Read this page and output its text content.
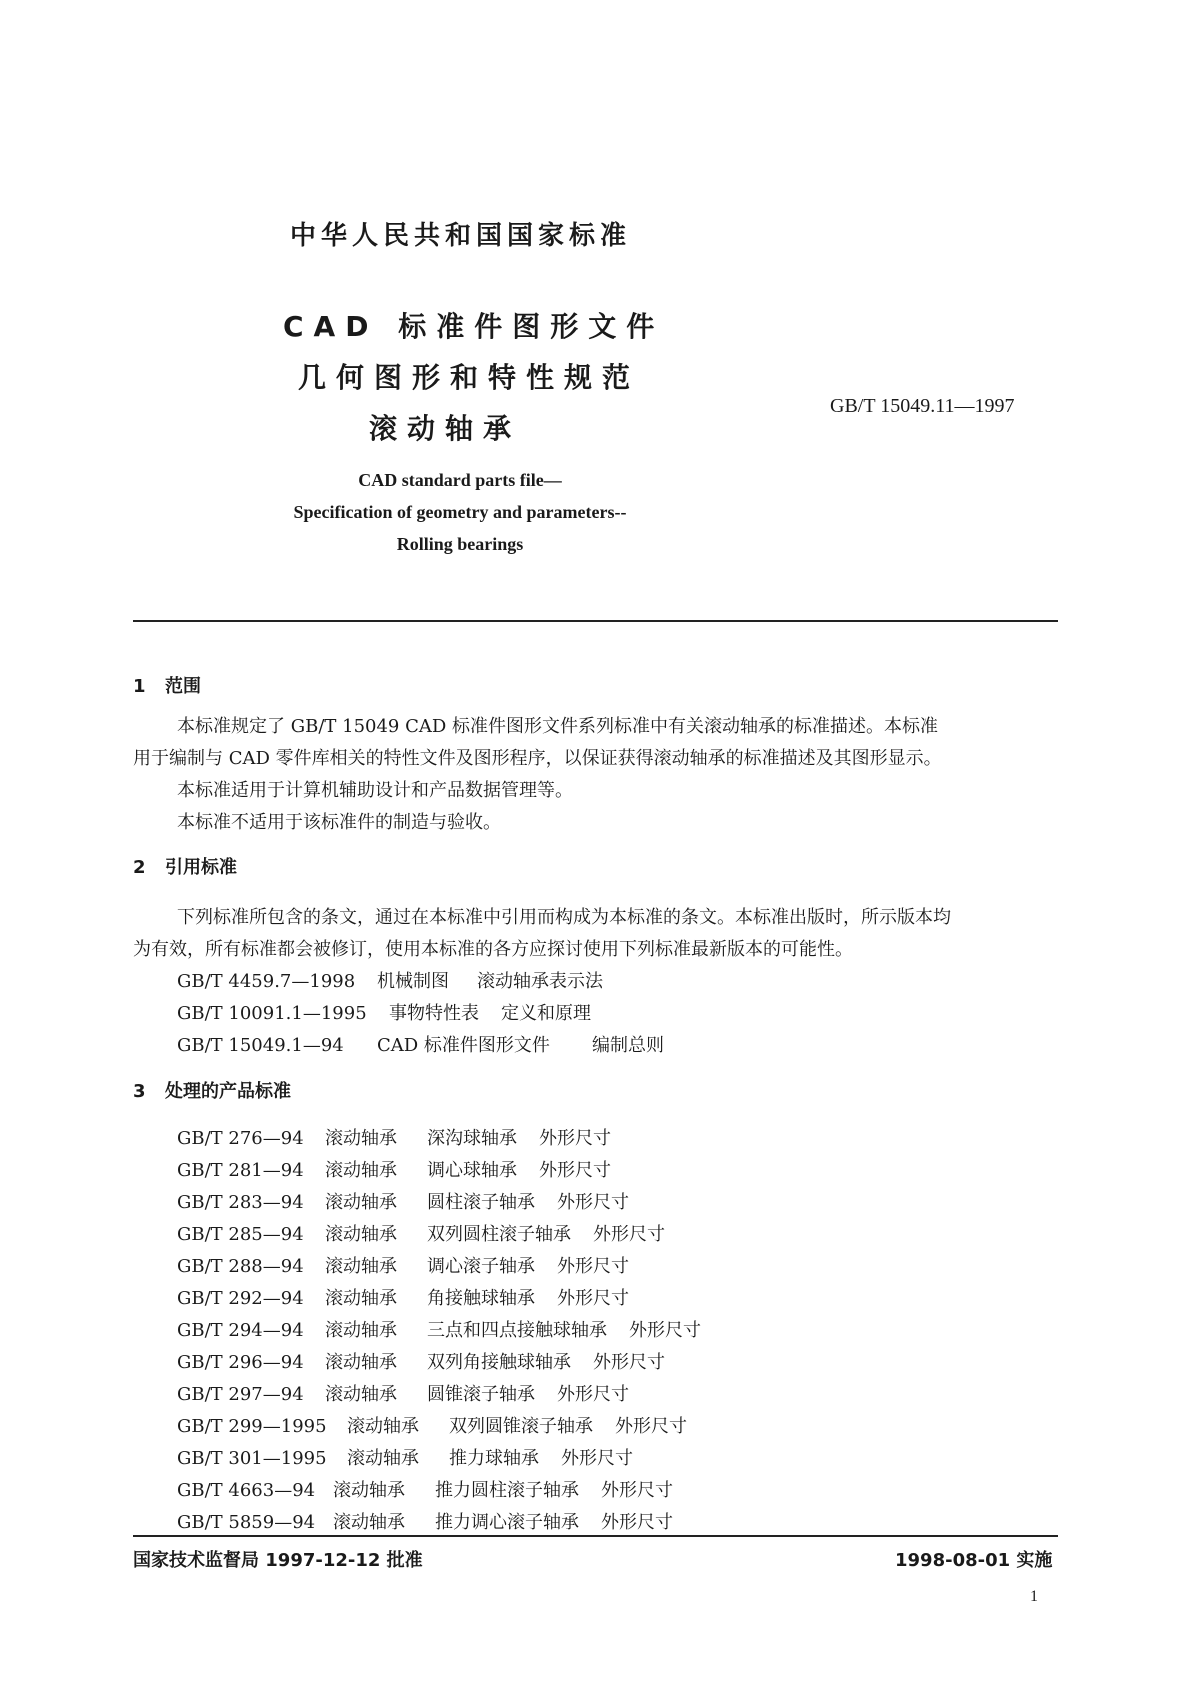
中华人民共和国国家标准
CAD 标准件图形文件
几何图形和特性规范
滚动轴承
GB/T 15049.11—1997
CAD standard parts file—
Specification of geometry and parameters--
Rolling bearings
1 范围
本标准规定了 GB/T 15049 CAD 标准件图形文件系列标准中有关滚动轴承的标准描述。本标准
用于编制与 CAD 零件库相关的特性文件及图形程序，以保证获得滚动轴承的标准描述及其图形显示。
本标准适用于计算机辅助设计和产品数据管理等。
本标准不适用于该标准件的制造与验收。
2 引用标准
下列标准所包含的条文，通过在本标准中引用而构成为本标准的条文。本标准出版时，所示版本均
为有效，所有标准都会被修订，使用本标准的各方应探讨使用下列标准最新版本的可能性。
GB/T 4459.7—1998 机械制图 滚动轴承表示法
GB/T 10091.1—1995 事物特性表 定义和原理
GB/T 15049.1—94 CAD 标准件图形文件 编制总则
3 处理的产品标准
GB/T 276—94 滚动轴承 深沟球轴承 外形尺寸
GB/T 281—94 滚动轴承 调心球轴承 外形尺寸
GB/T 283—94 滚动轴承 圆柱滚子轴承 外形尺寸
GB/T 285—94 滚动轴承 双列圆柱滚子轴承 外形尺寸
GB/T 288—94 滚动轴承 调心滚子轴承 外形尺寸
GB/T 292—94 滚动轴承 角接触球轴承 外形尺寸
GB/T 294—94 滚动轴承 三点和四点接触球轴承 外形尺寸
GB/T 296—94 滚动轴承 双列角接触球轴承 外形尺寸
GB/T 297—94 滚动轴承 圆锥滚子轴承 外形尺寸
GB/T 299—1995 滚动轴承 双列圆锥滚子轴承 外形尺寸
GB/T 301—1995 滚动轴承 推力球轴承 外形尺寸
GB/T 4663—94 滚动轴承 推力圆柱滚子轴承 外形尺寸
GB/T 5859—94 滚动轴承 推力调心滚子轴承 外形尺寸
国家技术监督局 1997-12-12 批准	1998-08-01 实施
1
